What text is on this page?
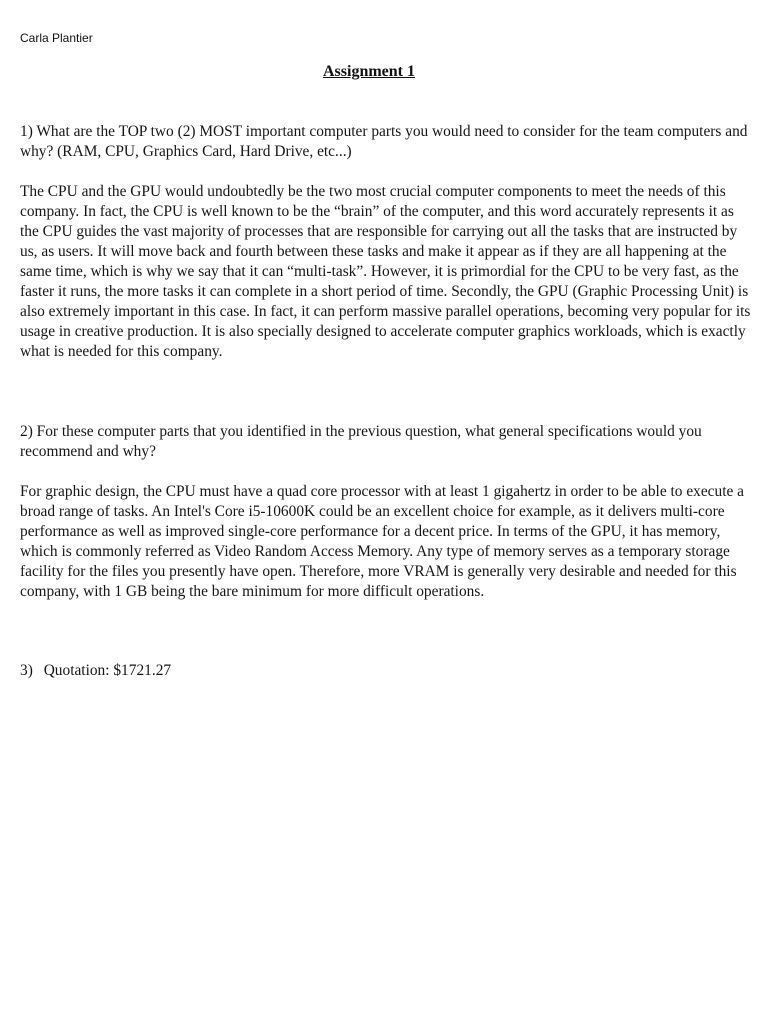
Carla Plantier
Assignment 1

1) What are the TOP two (2) MOST important computer parts you would need to consider for the team computers and why? (RAM, CPU, Graphics Card, Hard Drive, etc...)

The CPU and the GPU would undoubtedly be the two most crucial computer components to meet the needs of this company. In fact, the CPU is well known to be the “brain” of the computer, and this word accurately represents it as the CPU guides the vast majority of processes that are responsible for carrying out all the tasks that are instructed by us, as users. It will move back and fourth between these tasks and make it appear as if they are all happening at the same time, which is why we say that it can “multi-task”. However, it is primordial for the CPU to be very fast, as the faster it runs, the more tasks it can complete in a short period of time. Secondly, the GPU (Graphic Processing Unit) is also extremely important in this case. In fact, it can perform massive parallel operations, becoming very popular for its usage in creative production. It is also specially designed to accelerate computer graphics workloads, which is exactly what is needed for this company.

2) For these computer parts that you identified in the previous question, what general specifications would you recommend and why?

For graphic design, the CPU must have a quad core processor with at least 1 gigahertz in order to be able to execute a broad range of tasks. An Intel's Core i5-10600K could be an excellent choice for example, as it delivers multi-core performance as well as improved single-core performance for a decent price. In terms of the GPU, it has memory, which is commonly referred as Video Random Access Memory. Any type of memory serves as a temporary storage facility for the files you presently have open. Therefore, more VRAM is generally very desirable and needed for this company, with 1 GB being the bare minimum for more difficult operations.

3) Quotation: $1721.27
